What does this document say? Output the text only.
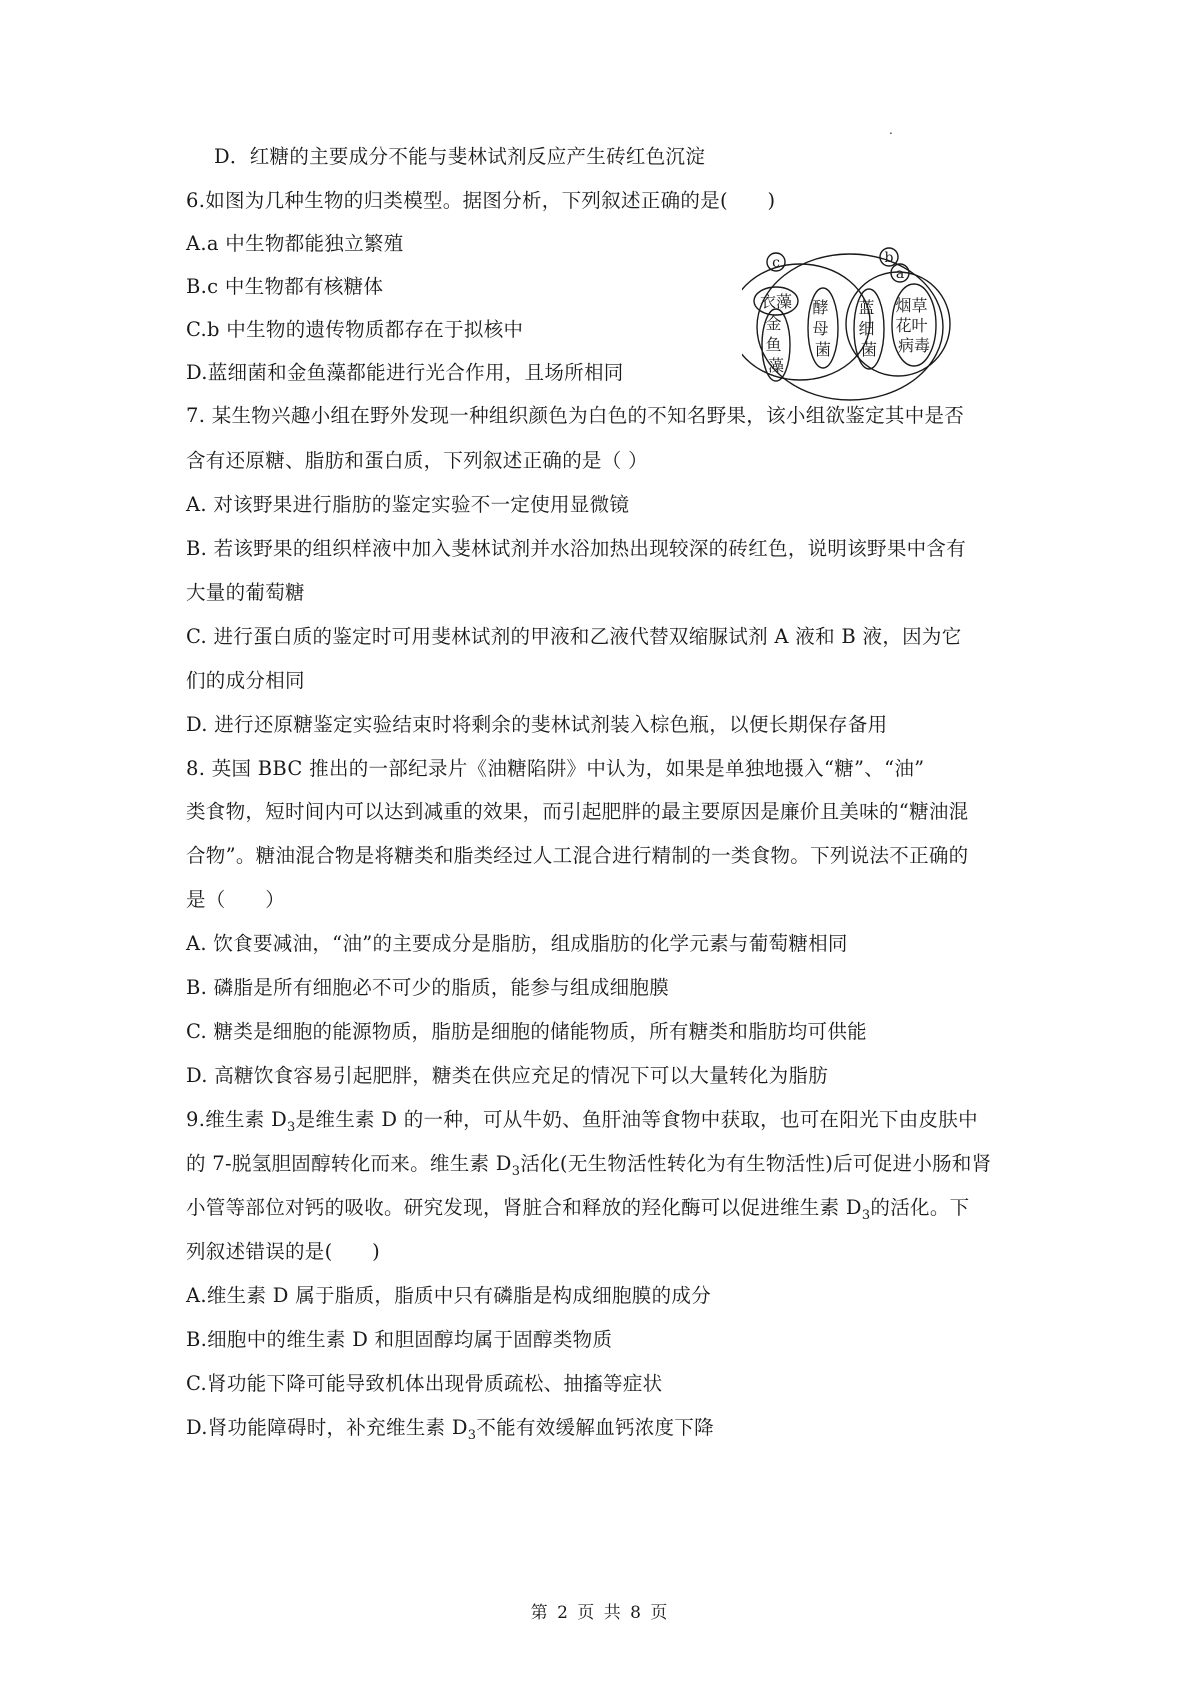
.
D．红糖的主要成分不能与斐林试剂反应产生砖红色沉淀
6.如图为几种生物的归类模型。据图分析，下列叙述正确的是(　　)
A.a 中生物都能独立繁殖
B.c 中生物都有核糖体
C.b 中生物的遗传物质都存在于拟核中
D.蓝细菌和金鱼藻都能进行光合作用，且场所相同
c	b
a
衣藻
金 鱼 藻
酵 母 菌
蓝 细 菌
烟草 花叶 病毒
7. 某生物兴趣小组在野外发现一种组织颜色为白色的不知名野果，该小组欲鉴定其中是否
含有还原糖、脂肪和蛋白质，下列叙述正确的是（ ）
A. 对该野果进行脂肪的鉴定实验不一定使用显微镜
B. 若该野果的组织样液中加入斐林试剂并水浴加热出现较深的砖红色，说明该野果中含有
大量的葡萄糖
C. 进行蛋白质的鉴定时可用斐林试剂的甲液和乙液代替双缩脲试剂 A 液和 B 液，因为它
们的成分相同
D. 进行还原糖鉴定实验结束时将剩余的斐林试剂装入棕色瓶，以便长期保存备用
8. 英国 BBC 推出的一部纪录片《油糖陷阱》中认为，如果是单独地摄入“糖”、“油”
类食物，短时间内可以达到减重的效果，而引起肥胖的最主要原因是廉价且美味的“糖油混
合物”。糖油混合物是将糖类和脂类经过人工混合进行精制的一类食物。下列说法不正确的
是（　　）
A. 饮食要减油，“油”的主要成分是脂肪，组成脂肪的化学元素与葡萄糖相同
B. 磷脂是所有细胞必不可少的脂质，能参与组成细胞膜
C. 糖类是细胞的能源物质，脂肪是细胞的储能物质，所有糖类和脂肪均可供能
D. 高糖饮食容易引起肥胖，糖类在供应充足的情况下可以大量转化为脂肪
9.维生素 $D_3$是维生素 D 的一种，可从牛奶、鱼肝油等食物中获取，也可在阳光下由皮肤中
的 7-脱氢胆固醇转化而来。维生素 $D_3$活化(无生物活性转化为有生物活性)后可促进小肠和肾
小管等部位对钙的吸收。研究发现，肾脏合和释放的羟化酶可以促进维生素 $D_3$的活化。下
列叙述错误的是(　　)
A.维生素 D 属于脂质，脂质中只有磷脂是构成细胞膜的成分
B.细胞中的维生素 D 和胆固醇均属于固醇类物质
C.肾功能下降可能导致机体出现骨质疏松、抽搐等症状
D.肾功能障碍时，补充维生素 $D_3$不能有效缓解血钙浓度下降
第 2 页 共 8 页
